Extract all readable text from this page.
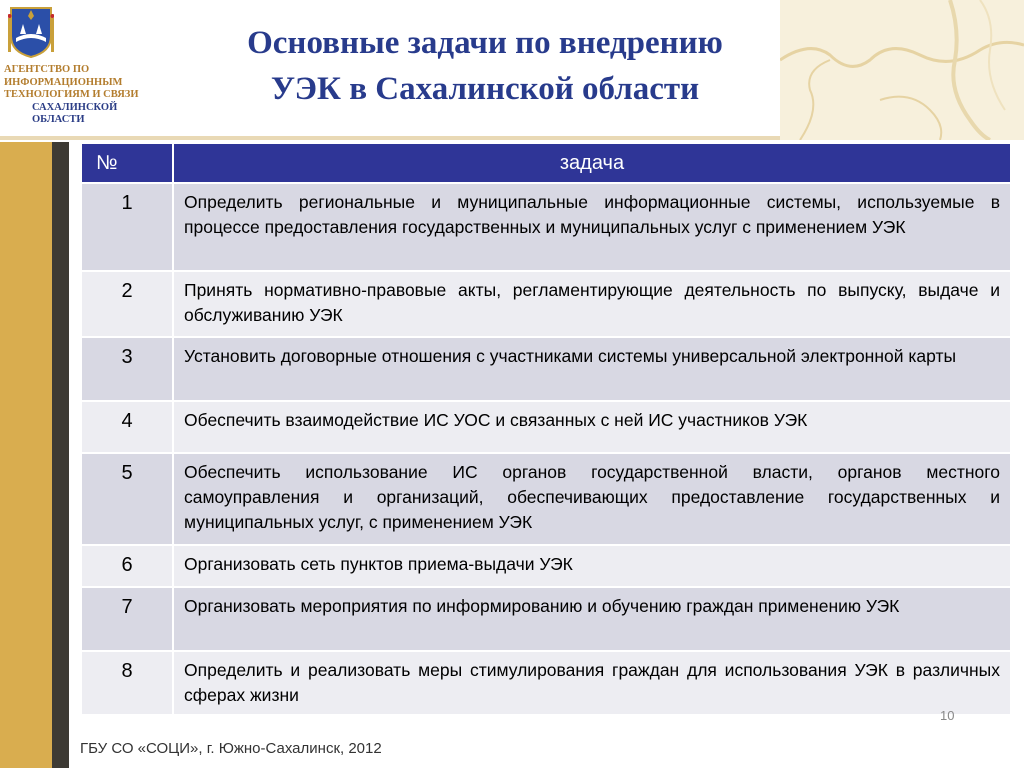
АГЕНТСТВО ПО
ИНФОРМАЦИОННЫМ
ТЕХНОЛОГИЯМ И СВЯЗИ
САХАЛИНСКОЙ
ОБЛАСТИ
Основные задачи по внедрению
УЭК в Сахалинской области
№	задача
1	Определить региональные и муниципальные информационные системы, используемые в процессе предоставления государственных и муниципальных услуг с применением УЭК
2	Принять нормативно-правовые акты, регламентирующие деятельность по выпуску, выдаче и обслуживанию УЭК
3	Установить договорные отношения с участниками системы универсальной электронной карты
4	Обеспечить взаимодействие ИС УОС и связанных с ней ИС участников УЭК
5	Обеспечить использование ИС органов государственной власти, органов местного самоуправления и организаций, обеспечивающих предоставление государственных и муниципальных услуг, с применением УЭК
6	Организовать сеть пунктов приема-выдачи УЭК
7	Организовать мероприятия по информированию и обучению граждан применению УЭК
8	Определить и реализовать меры стимулирования граждан для использования УЭК в различных сферах жизни
10
ГБУ СО «СОЦИ», г. Южно-Сахалинск, 2012
